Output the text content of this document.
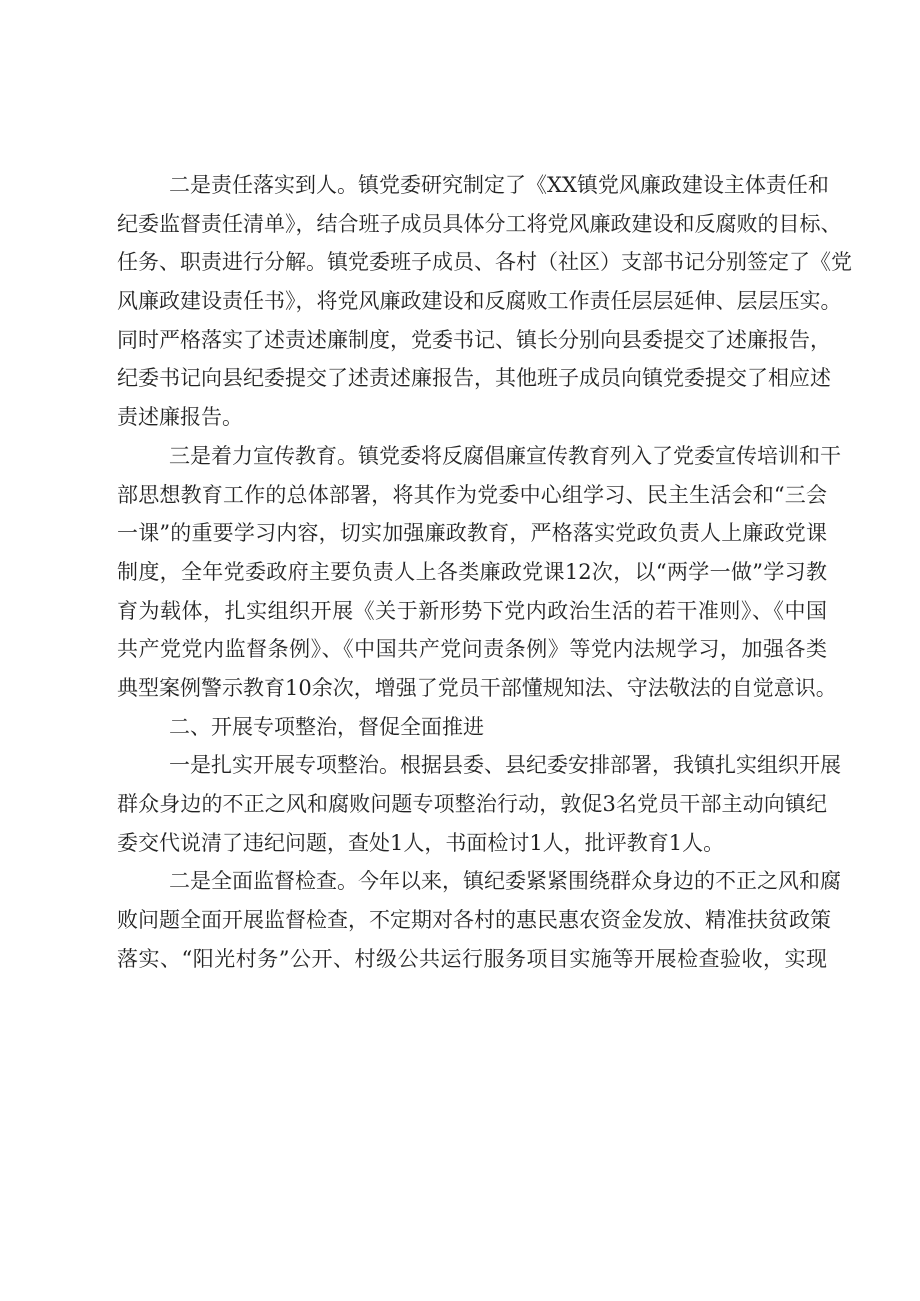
二是责任落实到人。镇党委研究制定了《XX镇党风廉政建设主体责任和
纪委监督责任清单》，结合班子成员具体分工将党风廉政建设和反腐败的目标、
任务、职责进行分解。镇党委班子成员、各村（社区）支部书记分别签定了《党
风廉政建设责任书》，将党风廉政建设和反腐败工作责任层层延伸、层层压实。
同时严格落实了述责述廉制度，党委书记、镇长分别向县委提交了述廉报告，
纪委书记向县纪委提交了述责述廉报告，其他班子成员向镇党委提交了相应述
责述廉报告。
三是着力宣传教育。镇党委将反腐倡廉宣传教育列入了党委宣传培训和干
部思想教育工作的总体部署，将其作为党委中心组学习、民主生活会和“三会
一课”的重要学习内容，切实加强廉政教育，严格落实党政负责人上廉政党课
制度，全年党委政府主要负责人上各类廉政党课12次，以“两学一做”学习教
育为载体，扎实组织开展《关于新形势下党内政治生活的若干准则》、《中国
共产党党内监督条例》、《中国共产党问责条例》等党内法规学习，加强各类
典型案例警示教育10余次，增强了党员干部懂规知法、守法敬法的自觉意识。
二、开展专项整治，督促全面推进
一是扎实开展专项整治。根据县委、县纪委安排部署，我镇扎实组织开展
群众身边的不正之风和腐败问题专项整治行动，敦促3名党员干部主动向镇纪
委交代说清了违纪问题，查处1人，书面检讨1人，批评教育1人。
二是全面监督检查。今年以来，镇纪委紧紧围绕群众身边的不正之风和腐
败问题全面开展监督检查，不定期对各村的惠民惠农资金发放、精准扶贫政策
落实、“阳光村务”公开、村级公共运行服务项目实施等开展检查验收，实现
